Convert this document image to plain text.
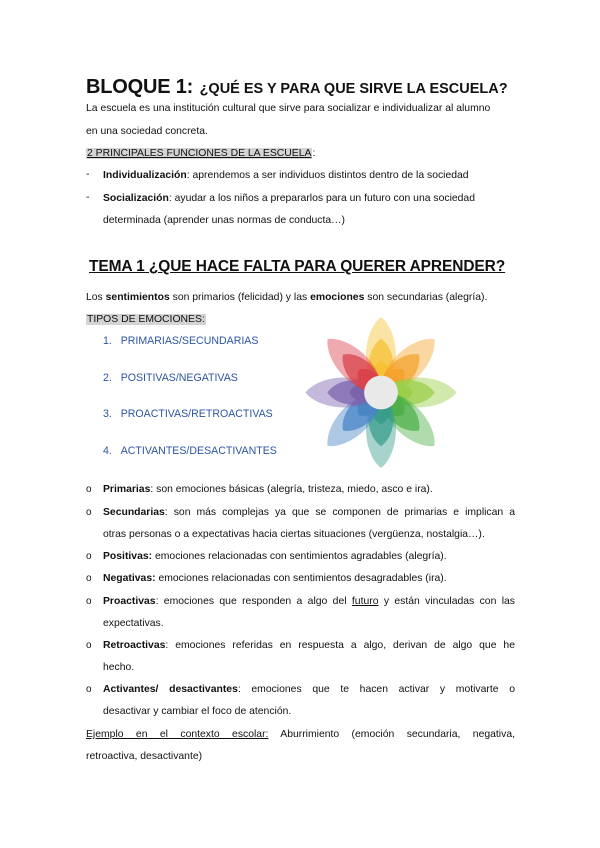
BLOQUE 1: ¿QUÉ ES Y PARA QUE SIRVE LA ESCUELA?
La escuela es una institución cultural que sirve para socializar e individualizar al alumno
en una sociedad concreta.
2 PRINCIPALES FUNCIONES DE LA ESCUELA:
- Individualización: aprendemos a ser individuos distintos dentro de la sociedad
- Socialización: ayudar a los niños a prepararlos para un futuro con una sociedad
determinada (aprender unas normas de conducta…)
TEMA 1 ¿QUE HACE FALTA PARA QUERER APRENDER?
Los sentimientos son primarios (felicidad) y las emociones son secundarias (alegría).
TIPOS DE EMOCIONES:
1. PRIMARIAS/SECUNDARIAS
2. POSITIVAS/NEGATIVAS
3. PROACTIVAS/RETROACTIVAS
4. ACTIVANTES/DESACTIVANTES
o Primarias: son emociones básicas (alegría, tristeza, miedo, asco e ira).
o Secundarias: son más complejas ya que se componen de primarias e implican a
otras personas o a expectativas hacia ciertas situaciones (vergüenza, nostalgia…).
o Positivas: emociones relacionadas con sentimientos agradables (alegría).
o Negativas: emociones relacionadas con sentimientos desagradables (ira).
o Proactivas: emociones que responden a algo del futuro y están vinculadas con las
expectativas.
o Retroactivas: emociones referidas en respuesta a algo, derivan de algo que he
hecho.
o Activantes/ desactivantes: emociones que te hacen activar y motivarte o
desactivar y cambiar el foco de atención.
Ejemplo en el contexto escolar: Aburrimiento (emoción secundaria, negativa,
retroactiva, desactivante)
